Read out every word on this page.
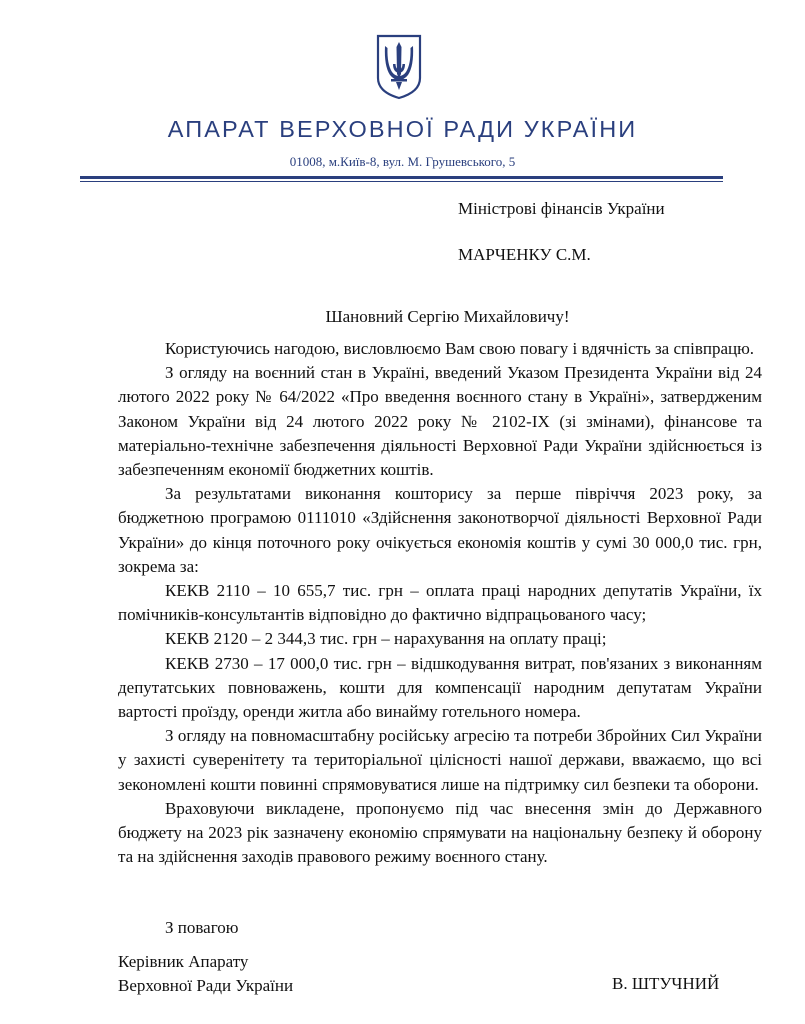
АПАРАТ ВЕРХОВНОЇ РАДИ УКРАЇНИ
01008, м.Київ-8, вул. М. Грушевського, 5
Міністрові фінансів України
МАРЧЕНКУ С.М.
Шановний Сергію Михайловичу!

Користуючись нагодою, висловлюємо Вам свою повагу і вдячність за співпрацю.

З огляду на воєнний стан в Україні, введений Указом Президента України від 24 лютого 2022 року № 64/2022 «Про введення воєнного стану в Україні», затвердженим Законом України від 24 лютого 2022 року № 2102-IX (зі змінами), фінансове та матеріально-технічне забезпечення діяльності Верховної Ради України здійснюється із забезпеченням економії бюджетних коштів.

За результатами виконання кошторису за перше півріччя 2023 року, за бюджетною програмою 0111010 «Здійснення законотворчої діяльності Верховної Ради України» до кінця поточного року очікується економія коштів у сумі 30 000,0 тис. грн, зокрема за:

КЕКВ 2110 – 10 655,7 тис. грн – оплата праці народних депутатів України, їх помічників-консультантів відповідно до фактично відпрацьованого часу;

КЕКВ 2120 – 2 344,3 тис. грн – нарахування на оплату праці;

КЕКВ 2730 – 17 000,0 тис. грн – відшкодування витрат, пов'язаних з виконанням депутатських повноважень, кошти для компенсації народним депутатам України вартості проїзду, оренди житла або винайму готельного номера.

З огляду на повномасштабну російську агресію та потреби Збройних Сил України у захисті суверенітету та територіальної цілісності нашої держави, вважаємо, що всі зекономлені кошти повинні спрямовуватися лише на підтримку сил безпеки та оборони.

Враховуючи викладене, пропонуємо під час внесення змін до Державного бюджету на 2023 рік зазначену економію спрямувати на національну безпеку й оборону та на здійснення заходів правового режиму воєнного стану.

З повагою
Керівник Апарату
Верховної Ради України	В. ШТУЧНИЙ
